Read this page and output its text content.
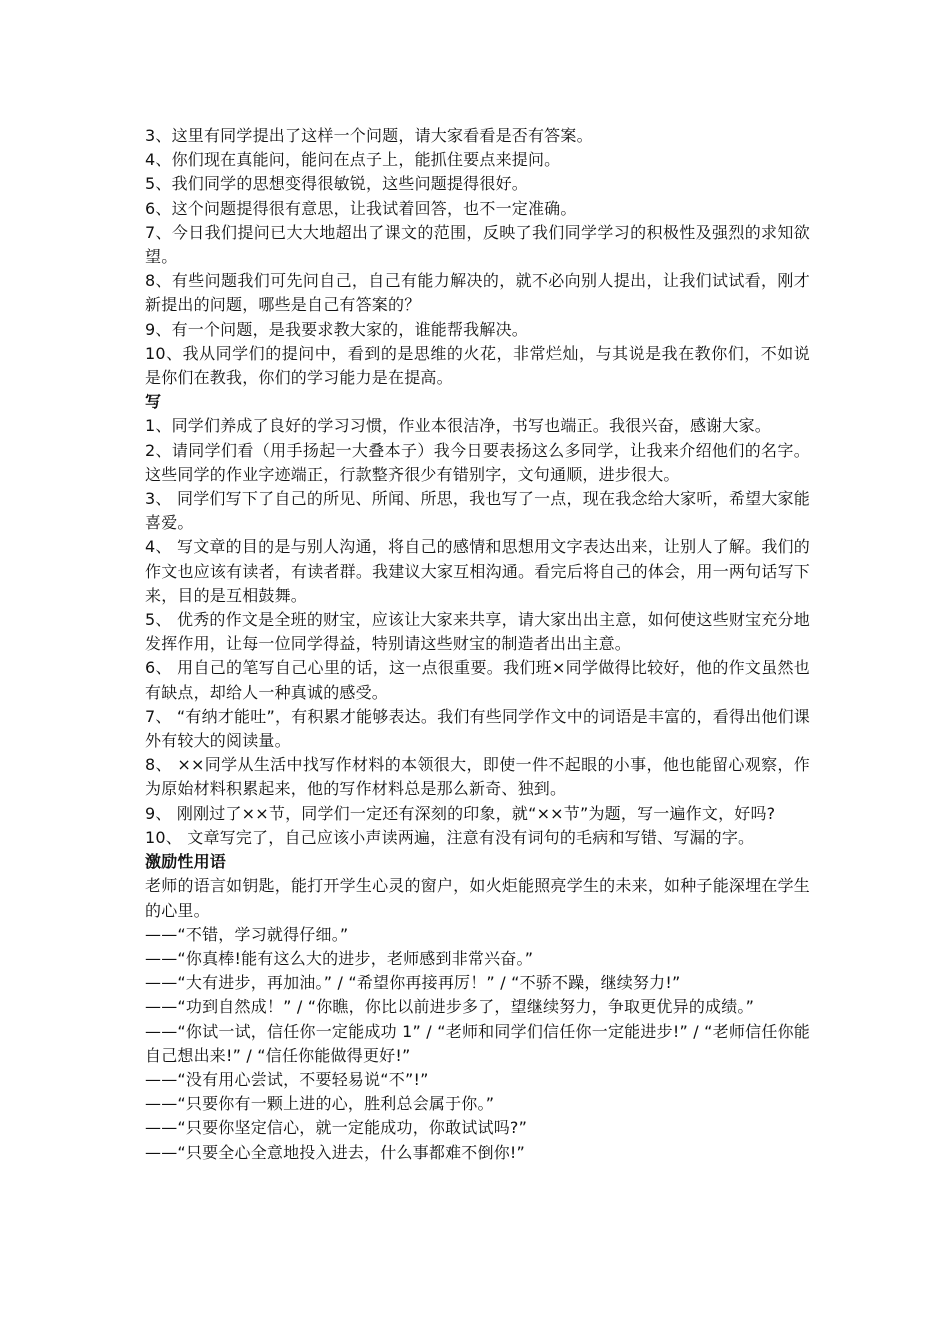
3、这里有同学提出了这样一个问题，请大家看看是否有答案。

4、你们现在真能问，能问在点子上，能抓住要点来提问。

5、我们同学的思想变得很敏锐，这些问题提得很好。

6、这个问题提得很有意思，让我试着回答，也不一定准确。

7、今日我们提问已大大地超出了课文的范围，反映了我们同学学习的积极性及强烈的求知欲望。

8、有些问题我们可先问自己，自己有能力解决的，就不必向别人提出，让我们试试看，刚才新提出的问题，哪些是自己有答案的？

9、有一个问题，是我要求教大家的，谁能帮我解决。

10、我从同学们的提问中，看到的是思维的火花，非常烂灿，与其说是我在教你们，不如说是你们在教我，你们的学习能力是在提高。

写

1、同学们养成了良好的学习习惯，作业本很洁净，书写也端正。我很兴奋，感谢大家。

2、请同学们看（用手扬起一大叠本子）我今日要表扬这么多同学，让我来介绍他们的名字。这些同学的作业字迹端正，行款整齐很少有错别字，文句通顺，进步很大。

3、 同学们写下了自己的所见、所闻、所思，我也写了一点，现在我念给大家听，希望大家能喜爱。

4、 写文章的目的是与别人沟通，将自己的感情和思想用文字表达出来，让别人了解。我们的作文也应该有读者，有读者群。我建议大家互相沟通。看完后将自己的体会，用一两句话写下来，目的是互相鼓舞。

5、 优秀的作文是全班的财宝，应该让大家来共享，请大家出出主意，如何使这些财宝充分地发挥作用，让每一位同学得益，特别请这些财宝的制造者出出主意。

6、 用自己的笔写自己心里的话，这一点很重要。我们班×同学做得比较好，他的作文虽然也有缺点，却给人一种真诚的感受。

7、 “有纳才能吐”，有积累才能够表达。我们有些同学作文中的词语是丰富的，看得出他们课外有较大的阅读量。

8、 ××同学从生活中找写作材料的本领很大，即使一件不起眼的小事，他也能留心观察，作为原始材料积累起来，他的写作材料总是那么新奇、独到。

9、 刚刚过了××节，同学们一定还有深刻的印象，就“××节”为题，写一遍作文，好吗?

10、 文章写完了，自己应该小声读两遍，注意有没有词句的毛病和写错、写漏的字。

激励性用语

老师的语言如钥匙，能打开学生心灵的窗户，如火炬能照亮学生的未来，如种子能深埋在学生的心里。

——“不错，学习就得仔细。”

——“你真棒!能有这么大的进步，老师感到非常兴奋。”

——“大有进步，再加油。” / “希望你再接再厉！” / “不骄不躁，继续努力!”

——“功到自然成！” / “你瞧，你比以前进步多了，望继续努力，争取更优异的成绩。”

——“你试一试，信任你一定能成功 1” / “老师和同学们信任你一定能进步!” / “老师信任你能自己想出来!” / “信任你能做得更好!”

——“没有用心尝试，不要轻易说“不”!”

——“只要你有一颗上进的心，胜利总会属于你。”

——“只要你坚定信心，就一定能成功，你敢试试吗?”

——“只要全心全意地投入进去，什么事都难不倒你!”
